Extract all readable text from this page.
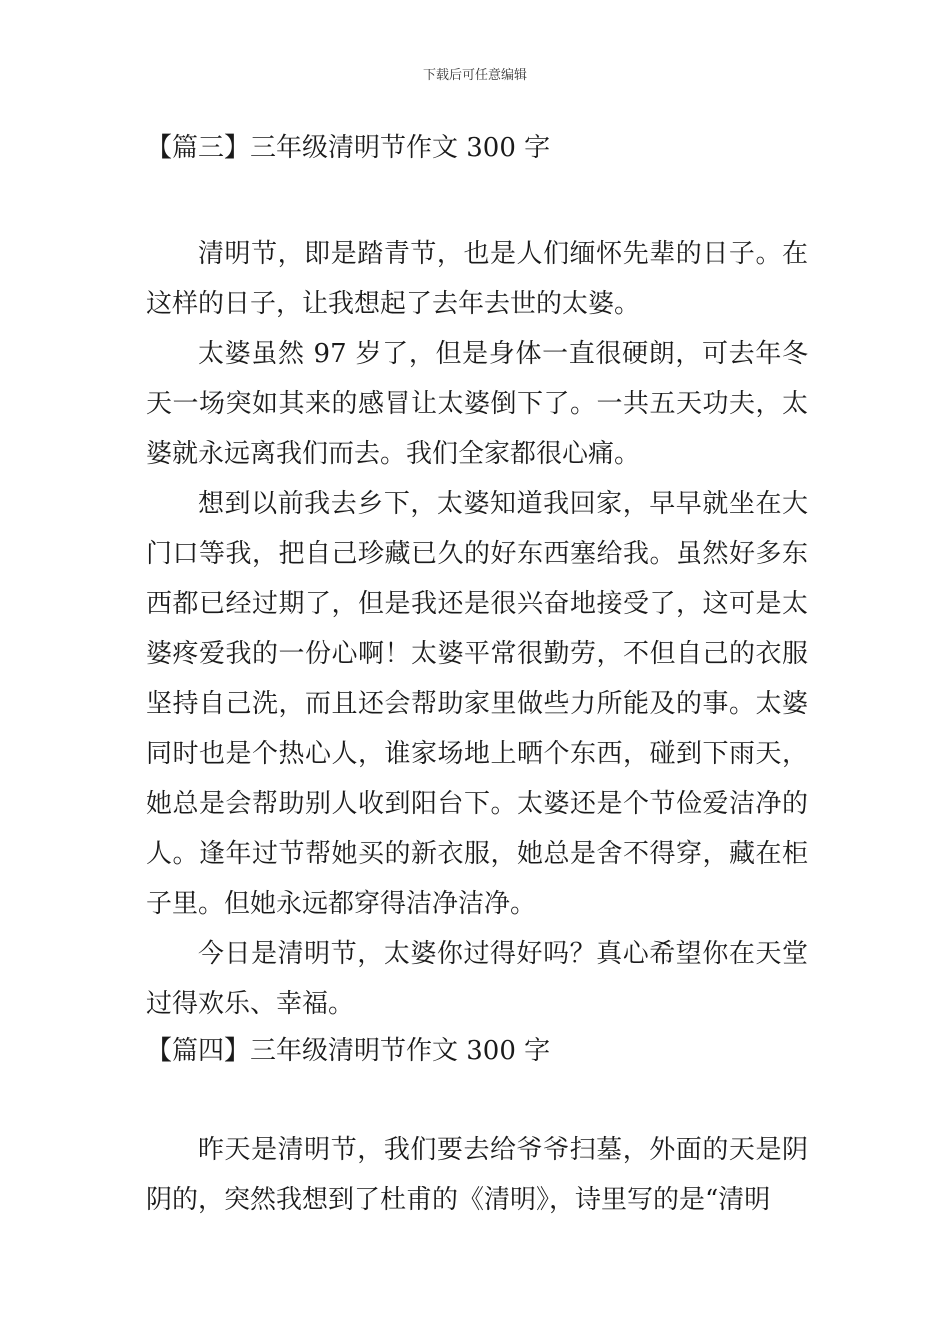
下载后可任意编辑

【篇三】三年级清明节作文 300 字

清明节，即是踏青节，也是人们缅怀先辈的日子。在这样的日子，让我想起了去年去世的太婆。

太婆虽然 97 岁了，但是身体一直很硬朗，可去年冬天一场突如其来的感冒让太婆倒下了。一共五天功夫，太婆就永远离我们而去。我们全家都很心痛。

想到以前我去乡下，太婆知道我回家，早早就坐在大门口等我，把自己珍藏已久的好东西塞给我。虽然好多东西都已经过期了，但是我还是很兴奋地接受了，这可是太婆疼爱我的一份心啊！太婆平常很勤劳，不但自己的衣服坚持自己洗，而且还会帮助家里做些力所能及的事。太婆同时也是个热心人，谁家场地上晒个东西，碰到下雨天，她总是会帮助别人收到阳台下。太婆还是个节俭爱洁净的人。逢年过节帮她买的新衣服，她总是舍不得穿，藏在柜子里。但她永远都穿得洁净洁净。

今日是清明节，太婆你过得好吗？真心希望你在天堂过得欢乐、幸福。

【篇四】三年级清明节作文 300 字

昨天是清明节，我们要去给爷爷扫墓，外面的天是阴阴的，突然我想到了杜甫的《清明》，诗里写的是“清明
